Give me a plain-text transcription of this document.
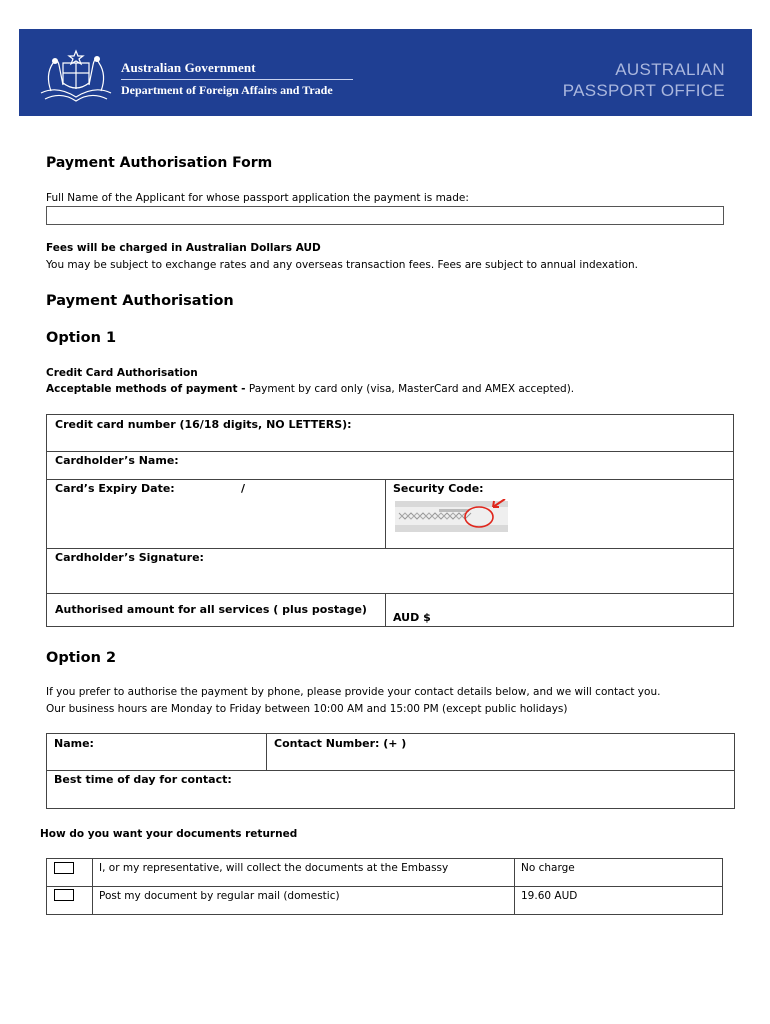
Australian Government
Department of Foreign Affairs and Trade
AUSTRALIAN
PASSPORT OFFICE
Payment Authorisation Form
Full Name of the Applicant for whose passport application the payment is made:
Fees will be charged in Australian Dollars AUD
You may be subject to exchange rates and any overseas transaction fees. Fees are subject to annual indexation.
Payment Authorisation
Option 1
Credit Card Authorisation
Acceptable methods of payment - Payment by card only (visa, MasterCard and AMEX accepted).
Credit card number (16/18 digits, NO LETTERS):
Cardholder’s Name:
Card’s Expiry Date:	/	Security Code:
Cardholder’s Signature:
Authorised amount for all services ( plus postage)
AUD $
Option 2
If you prefer to authorise the payment by phone, please provide your contact details below, and we will contact you.
Our business hours are Monday to Friday between 10:00 AM and 15:00 PM (except public holidays)
Name:	Contact Number: (+ )
Best time of day for contact:
How do you want your documents returned
I, or my representative, will collect the documents at the Embassy	No charge
Post my document by regular mail (domestic)	19.60 AUD
